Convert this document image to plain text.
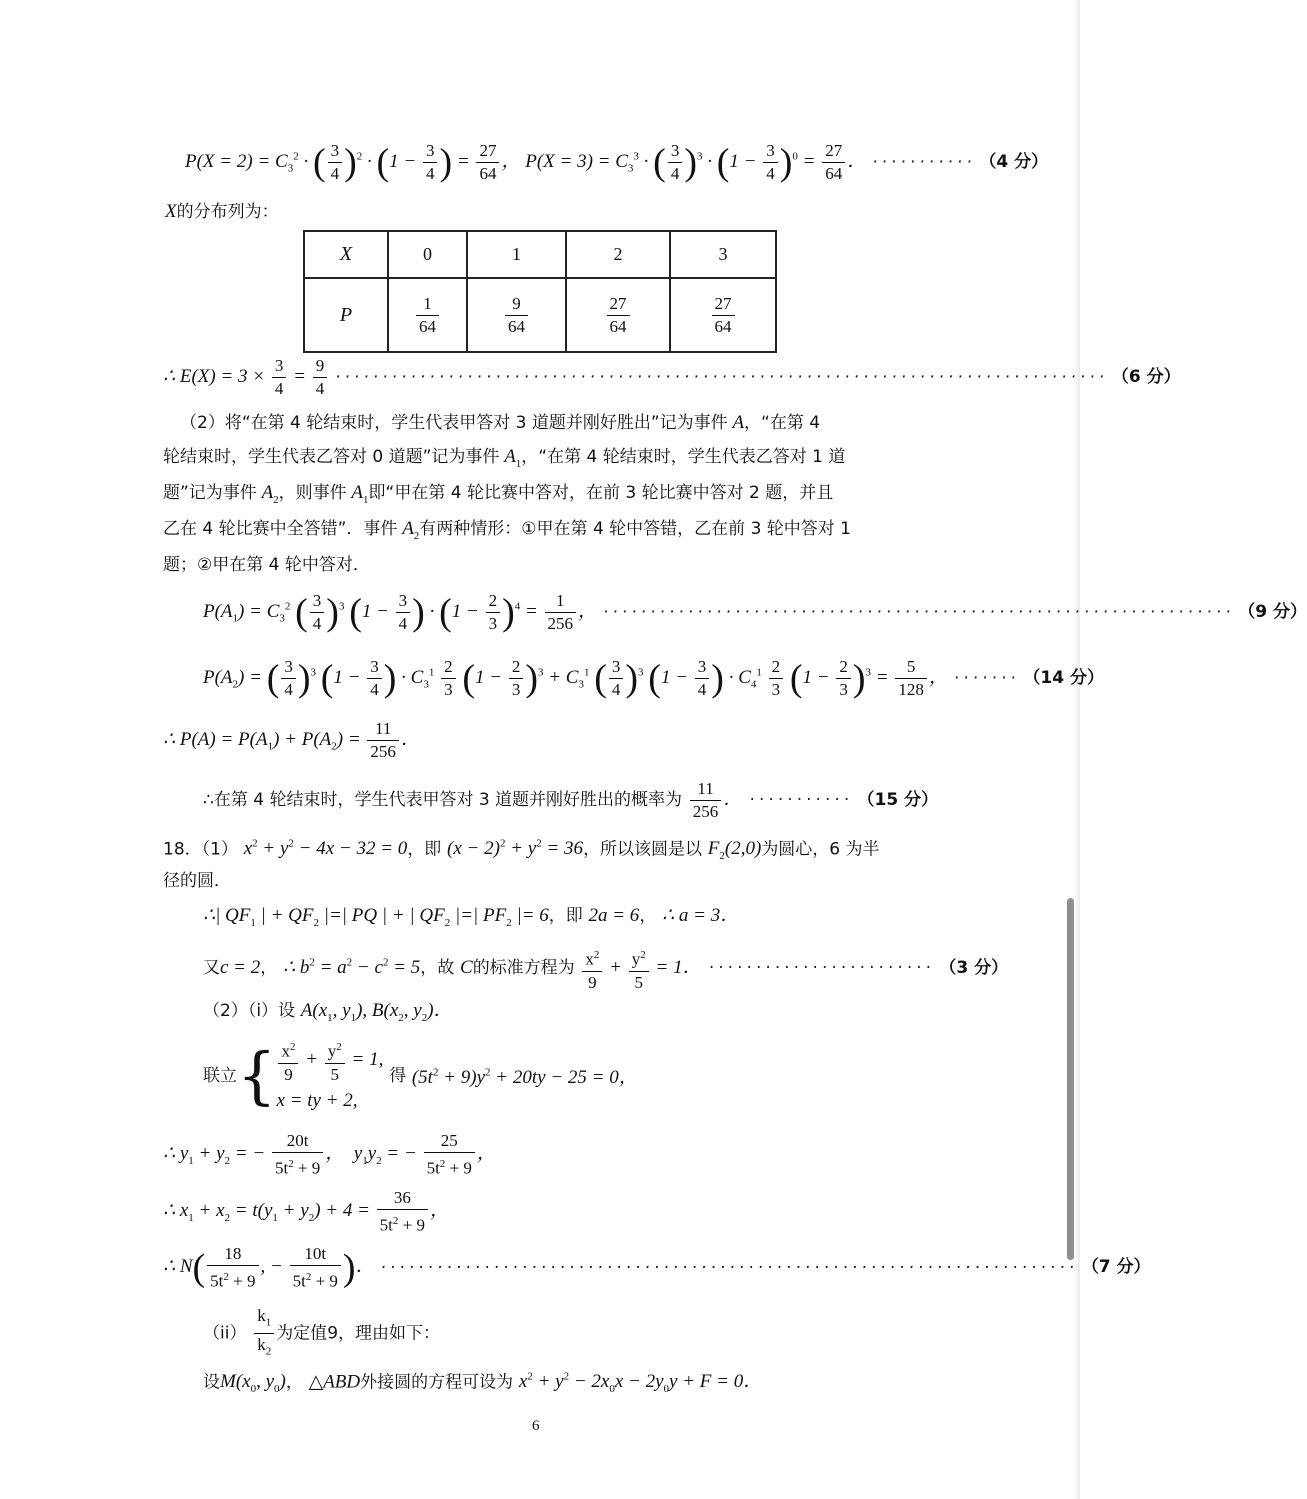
$P(X = 2) = C_3^2$ · ( $\frac{3}{4} )^2 \cdot (1 - \frac{3}{4}$ ) = $\frac{27}{64}$ ， $P(X = 3) = C_3^3$ · ( $\frac{3}{4} )^3 \cdot (1 - \frac{3}{4} )^0 = \frac{27}{64}$ ． ··········· （4 分）
X的分布列为：
X	0	1	2	3
P	$\frac{1}{64}$	$\frac{9}{64}$	$\frac{27}{64}$	$\frac{27}{64}$
∴ $E(X) = 3 \times \frac{3}{4} = \frac{9}{4}$ ·················································································· （6 分）
（2）将“在第 4 轮结束时，学生代表甲答对 3 道题并刚好胜出”记为事件 A，“在第 4
轮结束时，学生代表乙答对 0 道题”记为事件 $A_1$，“在第 4 轮结束时，学生代表乙答对 1 道
题”记为事件 $A_2$，则事件 $A_1$即“甲在第 4 轮比赛中答对，在前 3 轮比赛中答对 2 题，并且
乙在 4 轮比赛中全答错”．事件 $A_2$有两种情形：①甲在第 4 轮中答错，乙在前 3 轮中答对 1
题；②甲在第 4 轮中答对．
$P(A_1) = C_3^2$ ( $\frac{3}{4} )^3$ ($1 - \frac{3}{4}$ ) · $(1 - \frac{2}{3} )^4 = \frac{1}{256}$ ， ··································································· （9 分）
$P(A_2)$ = ( $\frac{3}{4} )^3$ ($1 - \frac{3}{4}$ ) · $C_3^1 \frac{2}{3} (1 - \frac{2}{3} )^3 + C_3^1$ ( $\frac{3}{4} )^3$ ($1 - \frac{3}{4}$ ) · $C_4^1 \frac{2}{3} (1 - \frac{2}{3} )^3 = \frac{5}{128}$ ， ······· （14 分）
∴ $P(A) = P(A_1) + P(A_2) = \frac{11}{256}$ ．
∴在第 4 轮结束时，学生代表甲答对 3 道题并刚好胜出的概率为 $\frac{11}{256}$ ． ··········· （15 分）
18．（1） $x^2 + y^2 - 4x - 32 = 0$，即 $(x - 2)^2 + y^2 = 36$，所以该圆是以 $F_2(2,0)$为圆心，6 为半
径的圆．
∴| $QF_1$ | + $QF_2$ |=| PQ | + | $QF_2$ |=| $PF_2$ |= 6，即 2a = 6， ∴ a = 3．
又c = 2， ∴ $b^2 = a^2 - c^2 = 5$，故 C的标准方程为 $\frac{x^2}{9} + \frac{y^2}{5} = 1$． ························ （3 分）
（2）（i）设 $A(x_1$, $y_1$), $B(x_2$, $y_2$)．
联立{ $\frac{x^2}{9} + \frac{y^2}{5} = 1$,
x = ty + 2,
得 $(5t^2 + 9)y^2 + 20ty - 25 = 0$，
∴ $y_1 + y_2$ = − $\frac{20t}{5t^2 + 9}$ ，  $y_1y_2$ = − $\frac{25}{5t^2 + 9}$ ，
∴ $x_1 + x_2 = t(y_1 + y_2) + 4 = \frac{36}{5t^2 + 9}$ ，
∴ $N( \frac{18}{5t^2 + 9}$ , − $\frac{10t}{5t^2 + 9}$ )． ·········································································· （7 分）
$(ii) \frac{k_1}{k_2}$ 为定值9，理由如下：
设$M(x_0$, $y_0$)， △ABD外接圆的方程可设为 $x^2 + y^2 - 2x_0x - 2y_0y + F = 0$．
6
